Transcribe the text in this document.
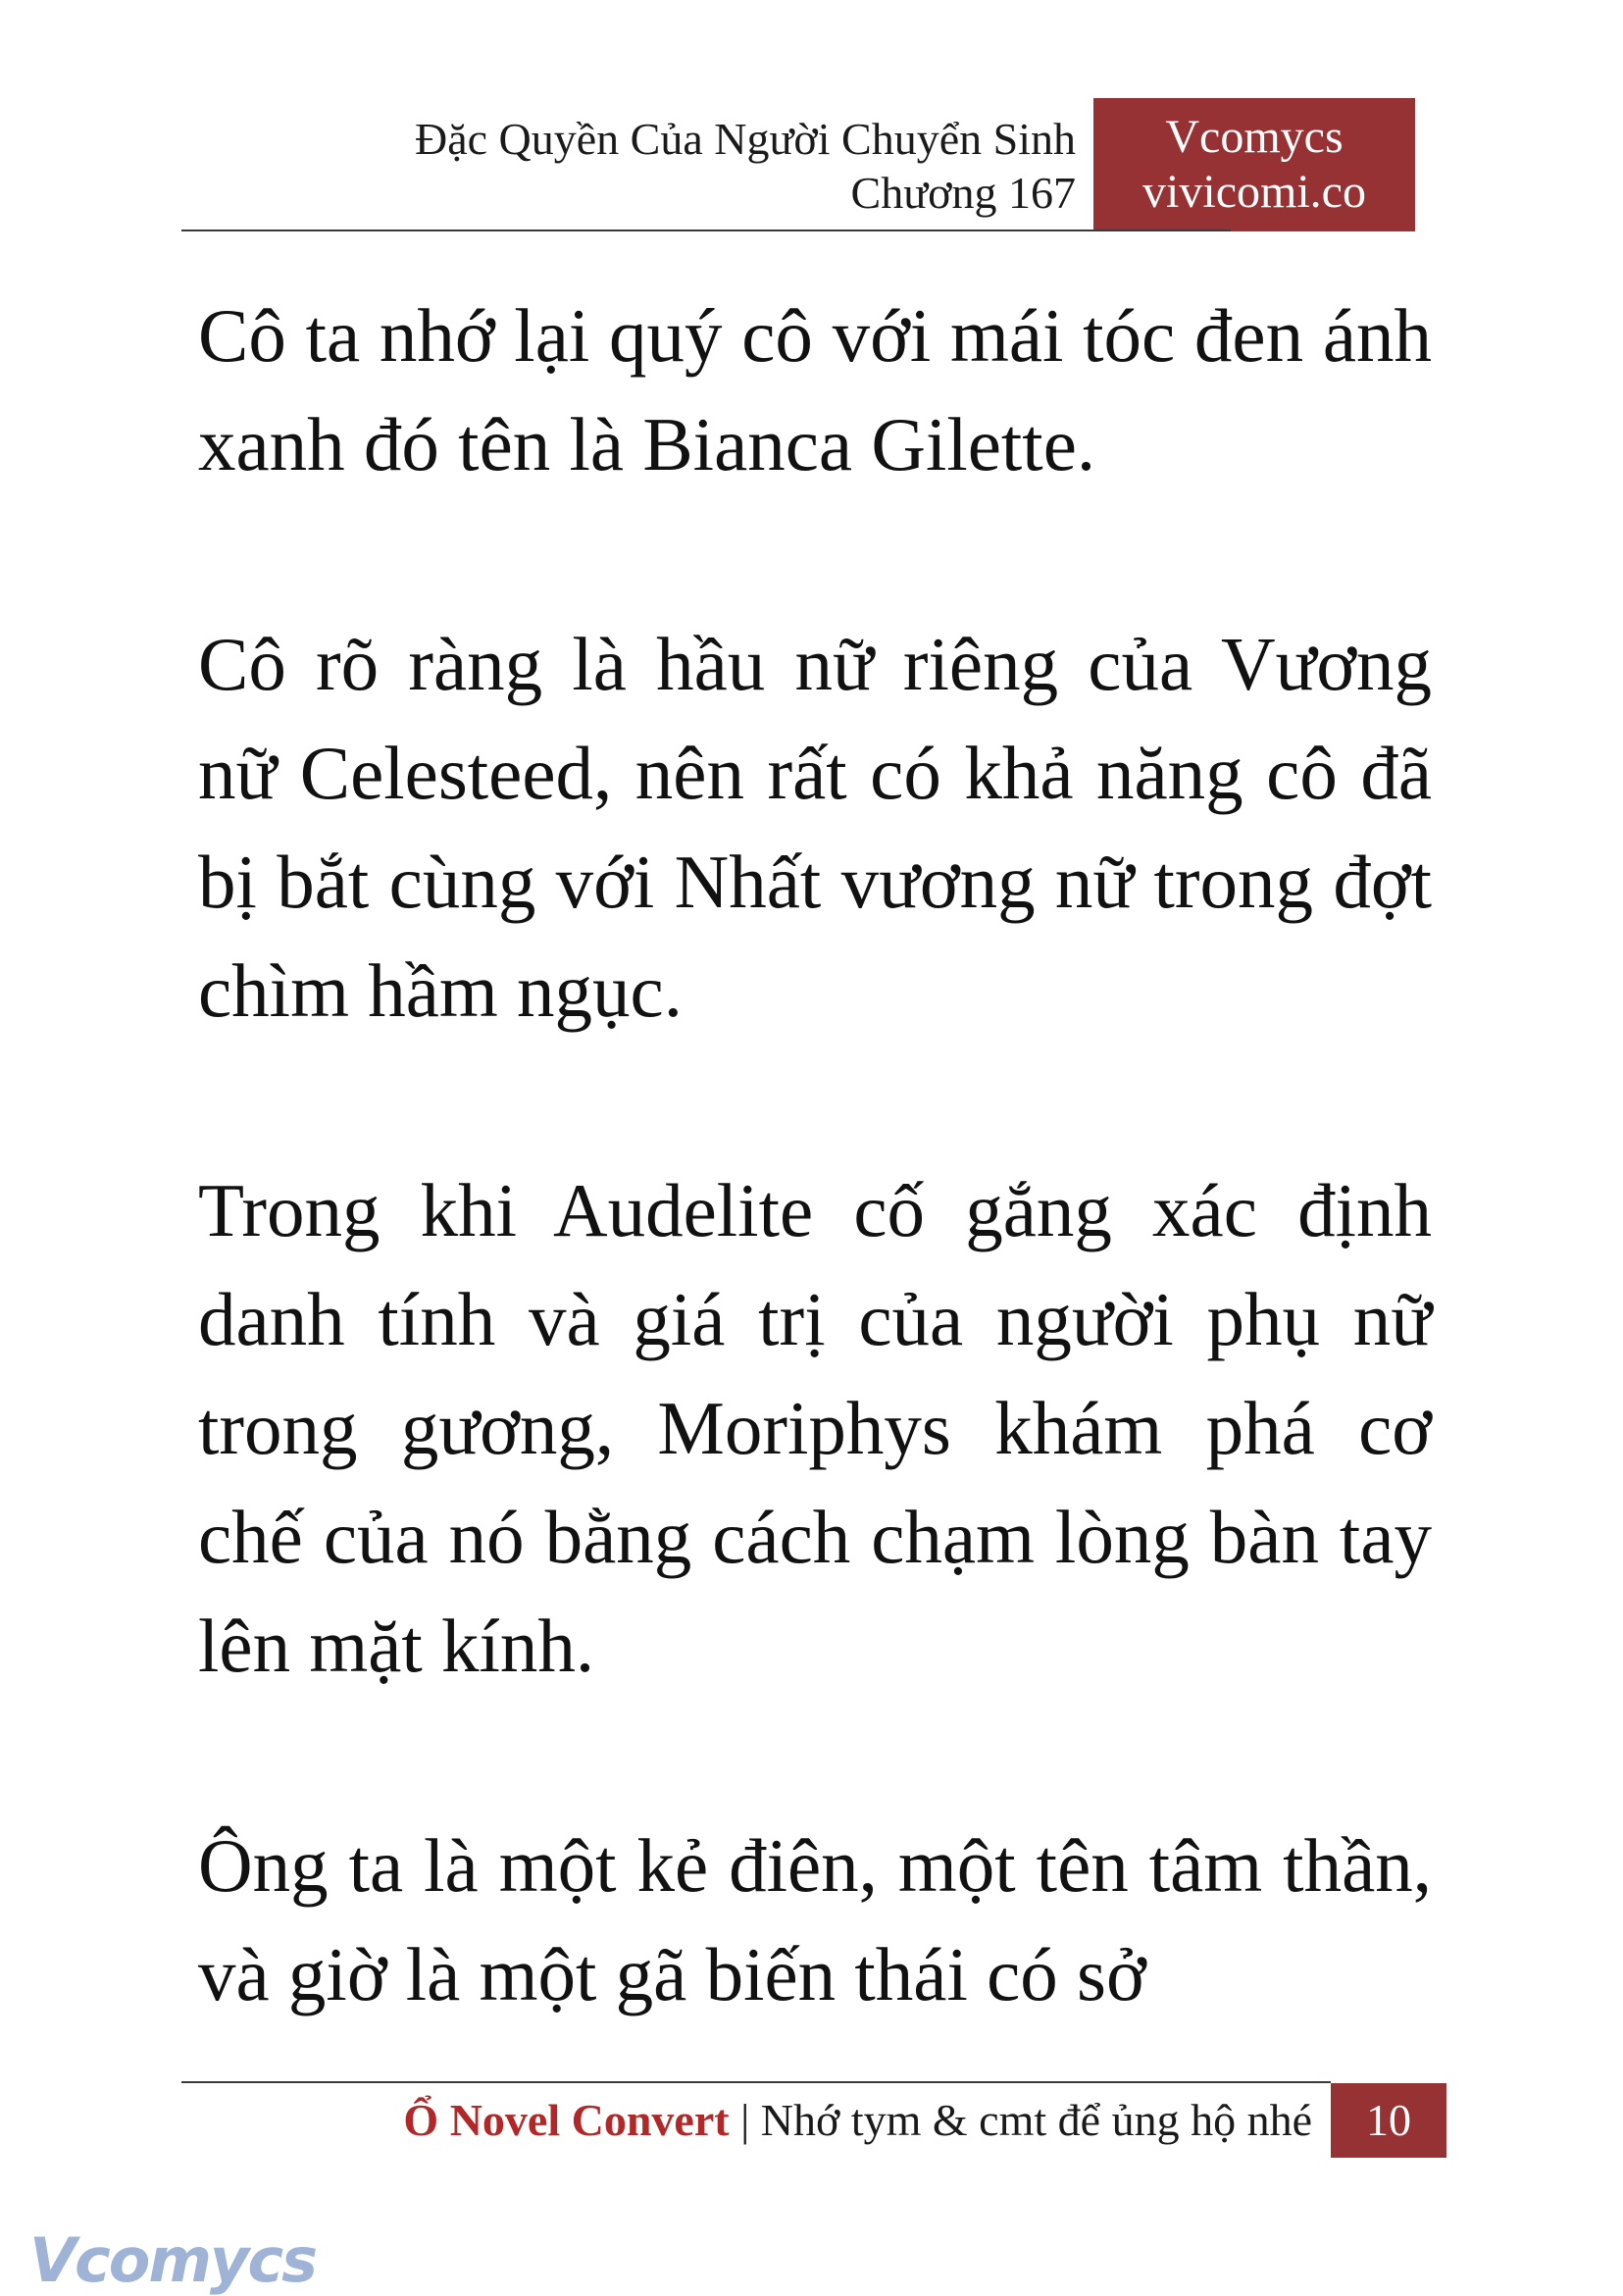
Đặc Quyền Của Người Chuyển Sinh
Chương 167
Vcomycs
vivicomi.co

Cô ta nhớ lại quý cô với mái tóc đen ánh xanh đó tên là Bianca Gilette.

Cô rõ ràng là hầu nữ riêng của Vương nữ Celesteed, nên rất có khả năng cô đã bị bắt cùng với Nhất vương nữ trong đợt chìm hầm ngục.

Trong khi Audelite cố gắng xác định danh tính và giá trị của người phụ nữ trong gương, Moriphys khám phá cơ chế của nó bằng cách chạm lòng bàn tay lên mặt kính.

Ông ta là một kẻ điên, một tên tâm thần, và giờ là một gã biến thái có sở

Ổ Novel Convert | Nhớ tym & cmt để ủng hộ nhé	10
Vcomycs
